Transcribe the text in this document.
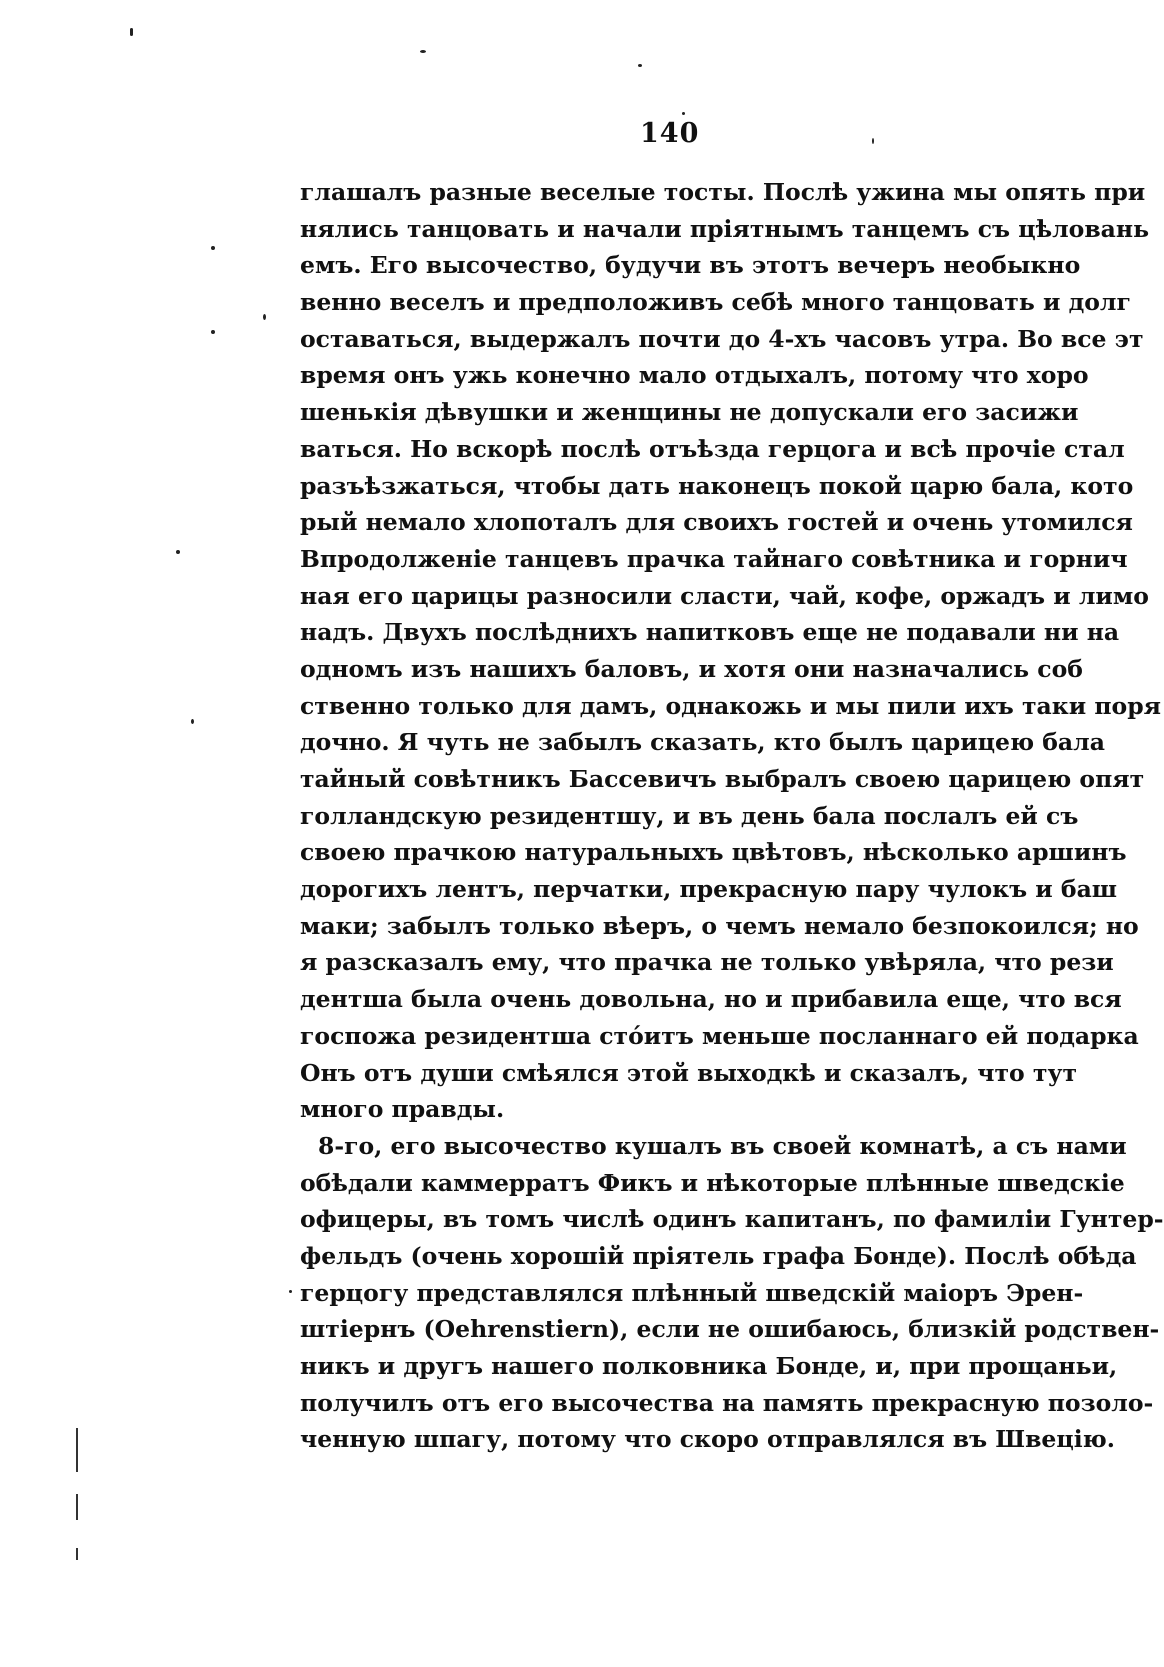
140
глашалъ разные веселые тосты. Послѣ ужина мы опять при
нялись танцовать и начали пріятнымъ танцемъ съ цѣловань
емъ. Его высочество, будучи въ этотъ вечеръ необыкно
венно веселъ и предположивъ себѣ много танцовать и долг
оставаться, выдержалъ почти до 4-хъ часовъ утра. Во все эт
время онъ ужь конечно мало отдыхалъ, потому что хоро
шенькія дѣвушки и женщины не допускали его засижи
ваться. Но вскорѣ послѣ отъѣзда герцога и всѣ прочіе стал
разъѣзжаться, чтобы дать наконецъ покой царю бала, кото
рый немало хлопоталъ для своихъ гостей и очень утомился
Впродолженіе танцевъ прачка тайнаго совѣтника и горнич
ная его царицы разносили сласти, чай, кофе, оржадъ и лимо
надъ. Двухъ послѣднихъ напитковъ еще не подавали ни на
одномъ изъ нашихъ баловъ, и хотя они назначались соб
ственно только для дамъ, однакожь и мы пили ихъ таки поря
дочно. Я чуть не забылъ сказать, кто былъ царицею бала
тайный совѣтникъ Бассевичъ выбралъ своею царицею опят
голландскую резидентшу, и въ день бала послалъ ей съ
своею прачкою натуральныхъ цвѣтовъ, нѣсколько аршинъ
дорогихъ лентъ, перчатки, прекрасную пару чулокъ и баш
маки; забылъ только вѣеръ, о чемъ немало безпокоился; но
я разсказалъ ему, что прачка не только увѣряла, что рези
дентша была очень довольна, но и прибавила еще, что вся
госпожа резидентша стóитъ меньше посланнаго ей подарка
Онъ отъ души смѣялся этой выходкѣ и сказалъ, что тут
много правды.
8-го, его высочество кушалъ въ своей комнатѣ, а съ нами
обѣдали каммерратъ Фикъ и нѣкоторые плѣнные шведскіе
офицеры, въ томъ числѣ одинъ капитанъ, по фамиліи Гунтер-
фельдъ (очень хорошій пріятель графа Бонде). Послѣ обѣда
герцогу представлялся плѣнный шведскій маіоръ Эрен-
штіернъ (Oehrenstiern), если не ошибаюсь, близкій родствен-
никъ и другъ нашего полковника Бонде, и, при прощаньи,
получилъ отъ его высочества на память прекрасную позоло-
ченную шпагу, потому что скоро отправлялся въ Швецію.
